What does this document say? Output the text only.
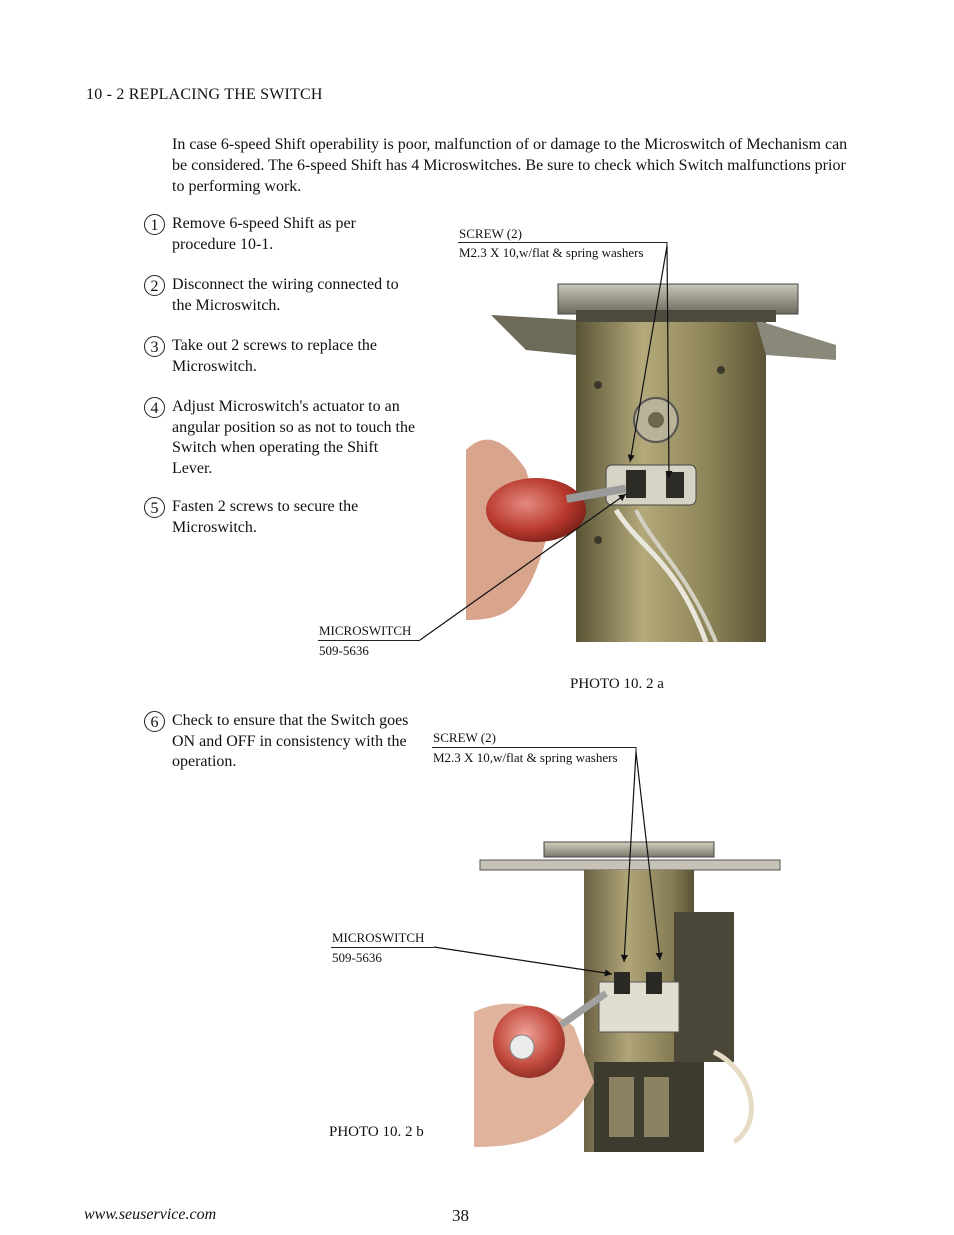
10 - 2 REPLACING THE SWITCH
In case 6-speed Shift operability is poor, malfunction of or damage to the Microswitch of Mechanism can be considered. The 6-speed Shift has 4 Microswitches. Be sure to check which Switch malfunctions prior to performing work.
1 Remove 6-speed Shift as per procedure 10-1.
2 Disconnect the wiring connected to the Microswitch.
3 Take out 2 screws to replace the Microswitch.
4 Adjust Microswitch's actuator to an angular position so as not to touch the Switch when operating the Shift Lever.
5 Fasten 2 screws to secure the Microswitch.
6 Check to ensure that the Switch goes ON and OFF in consistency with the operation.
SCREW (2)
M2.3 X 10,w/flat & spring washers
MICROSWITCH
509-5636
PHOTO 10. 2 a
SCREW (2)
M2.3 X 10,w/flat & spring washers
MICROSWITCH
509-5636
PHOTO 10. 2 b
www.seuservice.com	38
